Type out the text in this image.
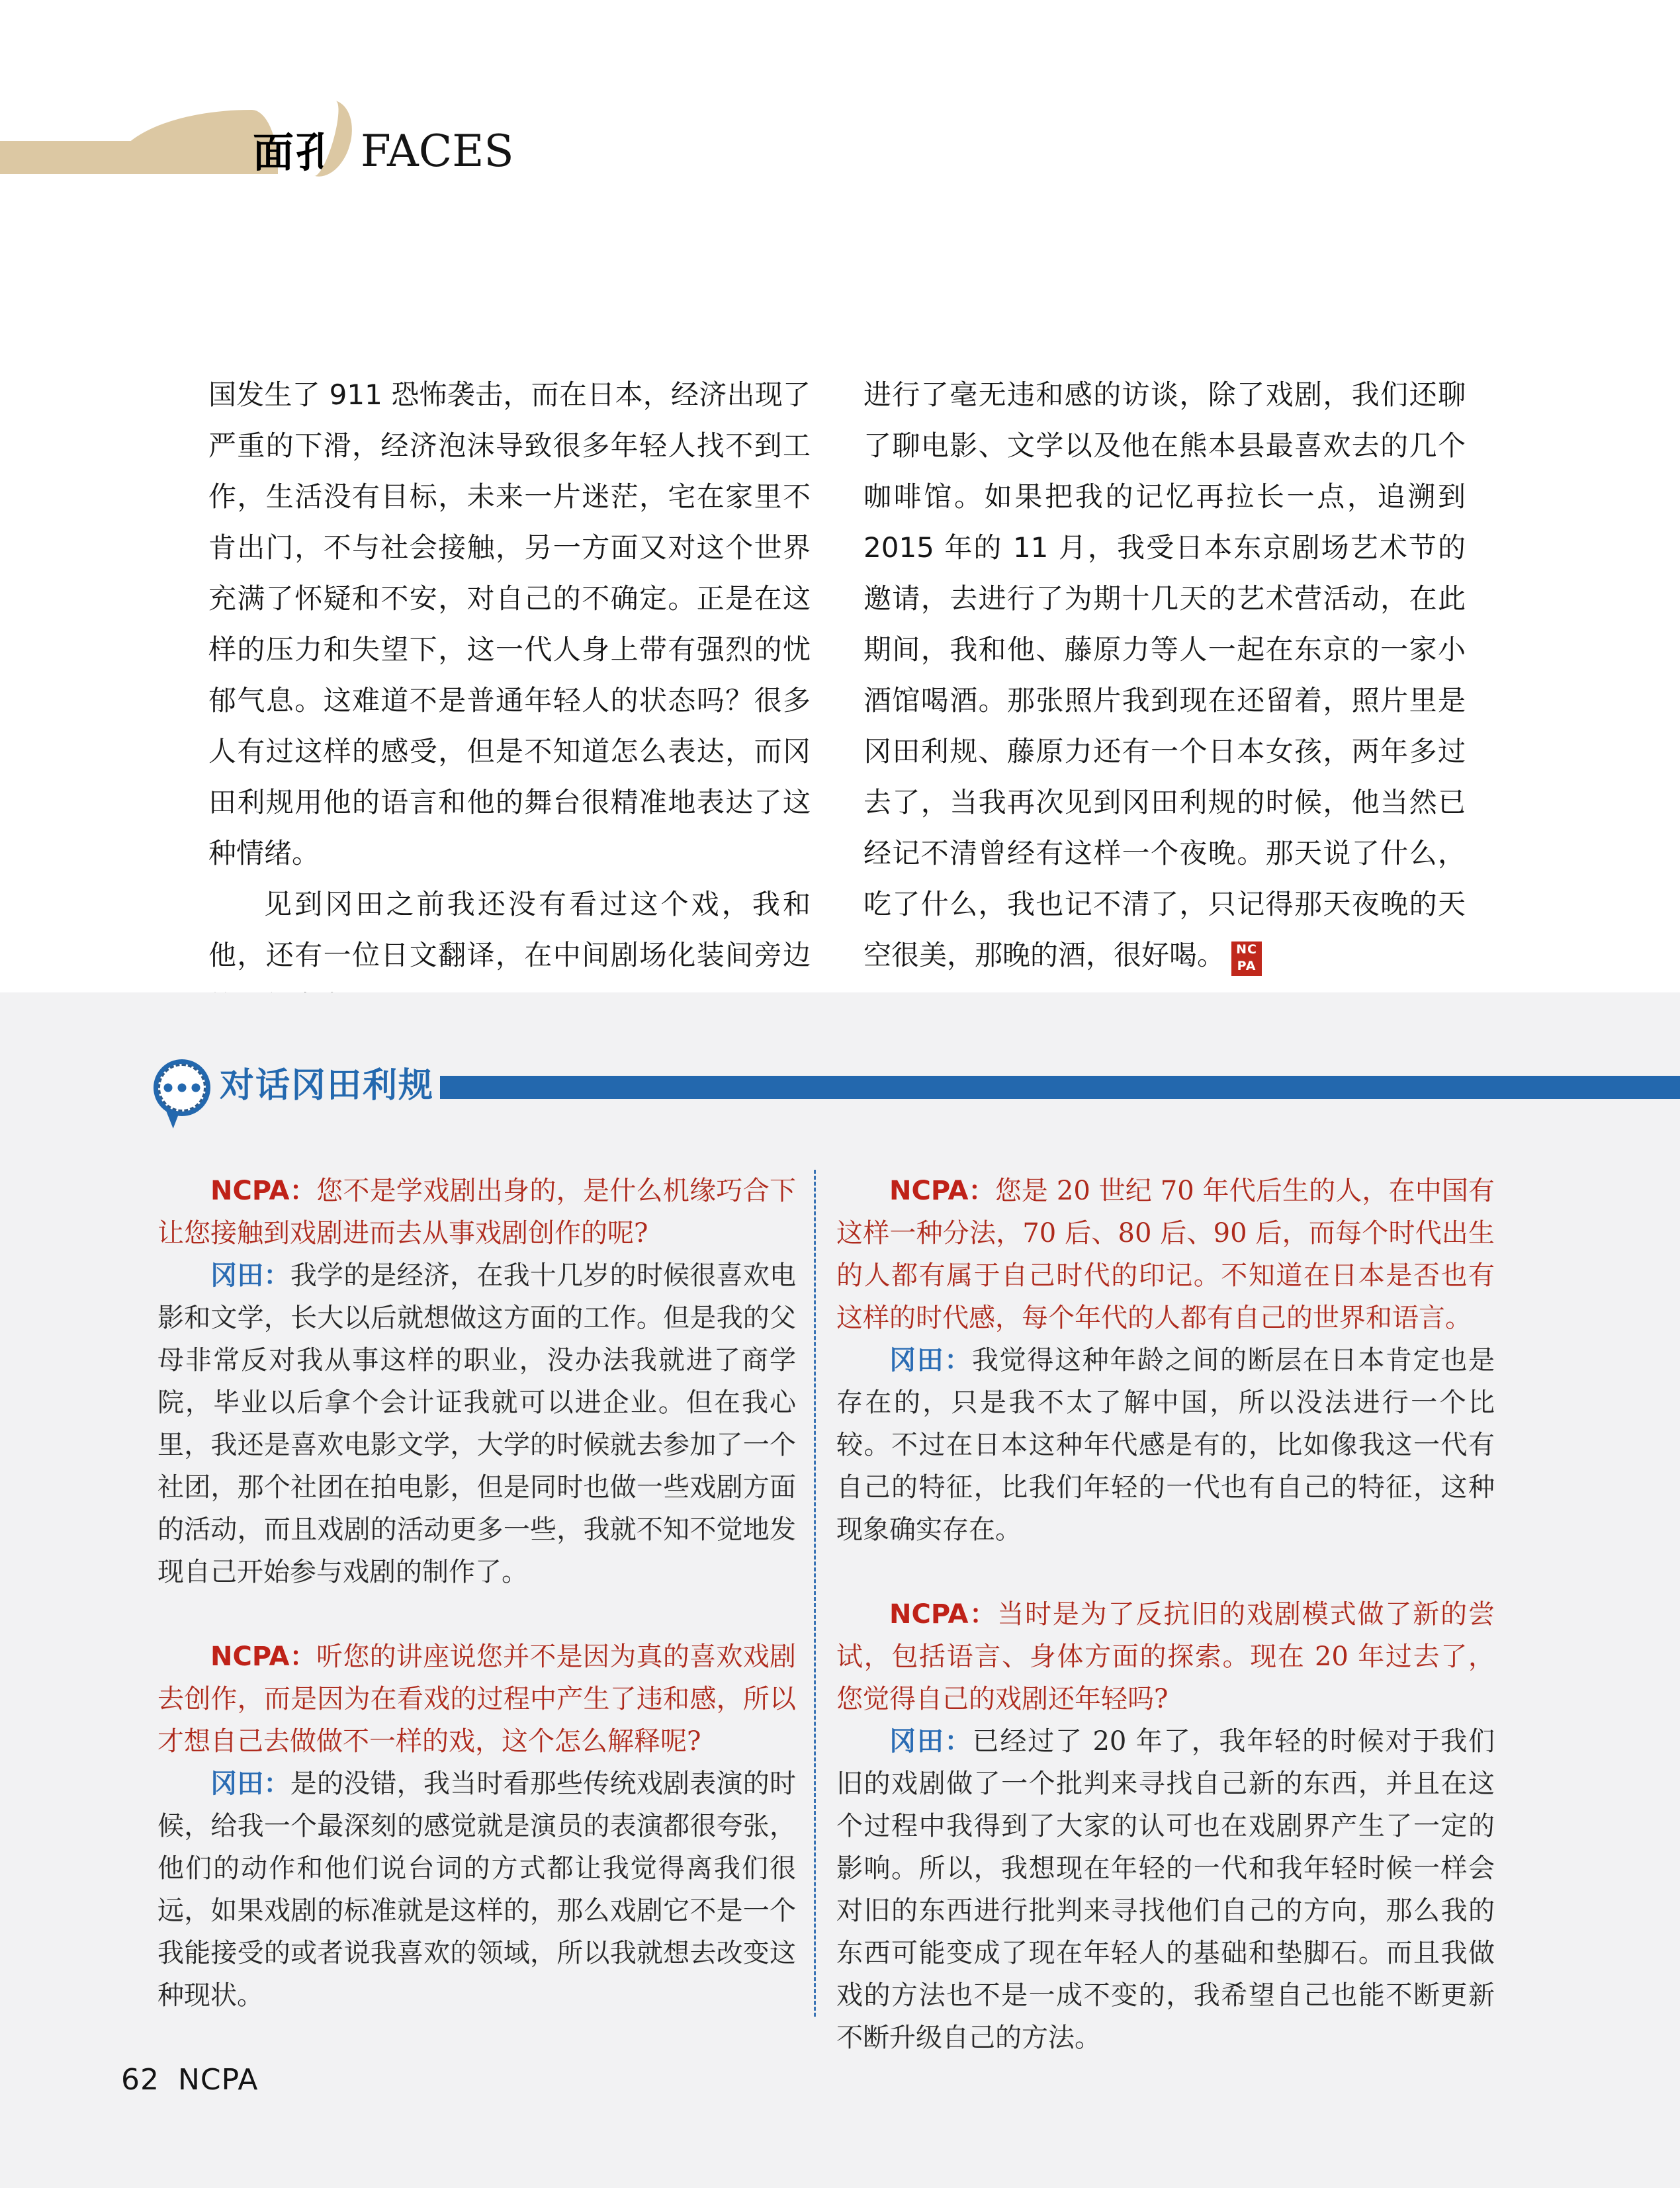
面孔 FACES

国发生了 911 恐怖袭击，而在日本，经济出现了严重的下滑，经济泡沫导致很多年轻人找不到工作，生活没有目标，未来一片迷茫，宅在家里不肯出门，不与社会接触，另一方面又对这个世界充满了怀疑和不安，对自己的不确定。正是在这样的压力和失望下，这一代人身上带有强烈的忧郁气息。这难道不是普通年轻人的状态吗？很多人有过这样的感受，但是不知道怎么表达，而冈田利规用他的语言和他的舞台很精准地表达了这种情绪。

见到冈田之前我还没有看过这个戏，我和他，还有一位日文翻译，在中间剧场化装间旁边

进行了毫无违和感的访谈，除了戏剧，我们还聊了聊电影、文学以及他在熊本县最喜欢去的几个咖啡馆。如果把我的记忆再拉长一点，追溯到 2015 年的 11 月，我受日本东京剧场艺术节的邀请，去进行了为期十几天的艺术营活动，在此期间，我和他、藤原力等人一起在东京的一家小酒馆喝酒。那张照片我到现在还留着，照片里是冈田利规、藤原力还有一个日本女孩，两年多过去了，当我再次见到冈田利规的时候，他当然已经记不清曾经有这样一个夜晚。那天说了什么，吃了什么，我也记不清了，只记得那天夜晚的天空很美，那晚的酒，很好喝。 NC
PA

对话冈田利规

NCPA：您不是学戏剧出身的，是什么机缘巧合下让您接触到戏剧进而去从事戏剧创作的呢?

冈田：我学的是经济，在我十几岁的时候很喜欢电影和文学，长大以后就想做这方面的工作。但是我的父母非常反对我从事这样的职业，没办法我就进了商学院，毕业以后拿个会计证我就可以进企业。但在我心里，我还是喜欢电影文学，大学的时候就去参加了一个社团，那个社团在拍电影，但是同时也做一些戏剧方面的活动，而且戏剧的活动更多一些，我就不知不觉地发现自己开始参与戏剧的制作了。

NCPA：听您的讲座说您并不是因为真的喜欢戏剧去创作，而是因为在看戏的过程中产生了违和感，所以才想自己去做做不一样的戏，这个怎么解释呢?

冈田：是的没错，我当时看那些传统戏剧表演的时候，给我一个最深刻的感觉就是演员的表演都很夸张，他们的动作和他们说台词的方式都让我觉得离我们很远，如果戏剧的标准就是这样的，那么戏剧它不是一个我能接受的或者说我喜欢的领域，所以我就想去改变这种现状。

NCPA：您是 20 世纪 70 年代后生的人，在中国有这样一种分法，70 后、80 后、90 后，而每个时代出生的人都有属于自己时代的印记。不知道在日本是否也有这样的时代感，每个年代的人都有自己的世界和语言。

冈田：我觉得这种年龄之间的断层在日本肯定也是存在的，只是我不太了解中国，所以没法进行一个比较。不过在日本这种年代感是有的，比如像我这一代有自己的特征，比我们年轻的一代也有自己的特征，这种现象确实存在。

NCPA：当时是为了反抗旧的戏剧模式做了新的尝试，包括语言、身体方面的探索。现在 20 年过去了，您觉得自己的戏剧还年轻吗?

冈田：已经过了 20 年了，我年轻的时候对于我们旧的戏剧做了一个批判来寻找自己新的东西，并且在这个过程中我得到了大家的认可也在戏剧界产生了一定的影响。所以，我想现在年轻的一代和我年轻时候一样会对旧的东西进行批判来寻找他们自己的方向，那么我的东西可能变成了现在年轻人的基础和垫脚石。而且我做戏的方法也不是一成不变的，我希望自己也能不断更新不断升级自己的方法。

62 NCPA
